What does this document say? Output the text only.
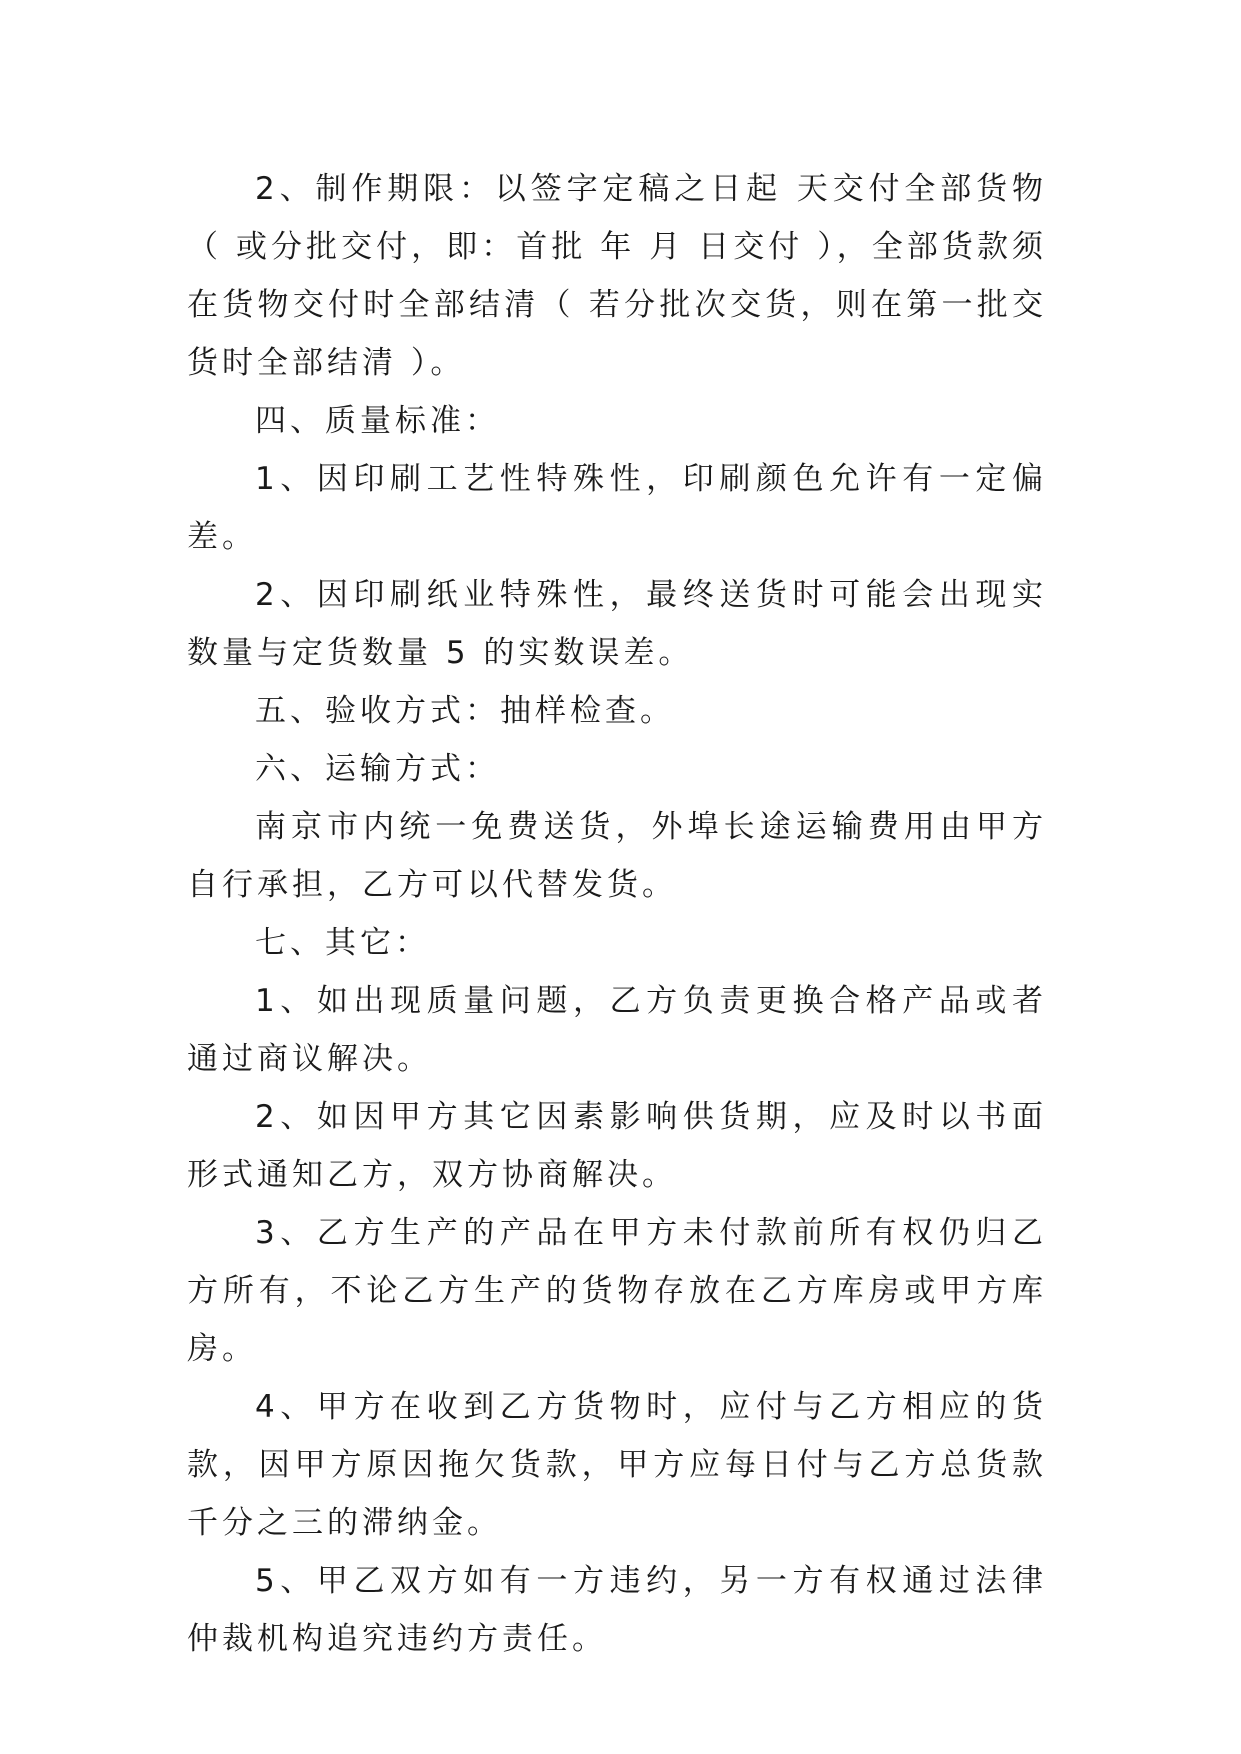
2、制作期限：以签字定稿之日起 天交付全部货物（ 或分批交付，即：首批 年 月 日交付 ），全部货款须在货物交付时全部结清（ 若分批次交货，则在第一批交货时全部结清 ）。

四、质量标准：

1、因印刷工艺性特殊性，印刷颜色允许有一定偏差。

2、因印刷纸业特殊性，最终送货时可能会出现实数量与定货数量 5 的实数误差。

五、验收方式：抽样检查。

六、运输方式：

南京市内统一免费送货，外埠长途运输费用由甲方自行承担，乙方可以代替发货。

七、其它：

1、如出现质量问题，乙方负责更换合格产品或者通过商议解决。

2、如因甲方其它因素影响供货期，应及时以书面形式通知乙方，双方协商解决。

3、乙方生产的产品在甲方未付款前所有权仍归乙方所有，不论乙方生产的货物存放在乙方库房或甲方库房。

4、甲方在收到乙方货物时，应付与乙方相应的货款，因甲方原因拖欠货款，甲方应每日付与乙方总货款千分之三的滞纳金。

5、甲乙双方如有一方违约，另一方有权通过法律仲裁机构追究违约方责任。
